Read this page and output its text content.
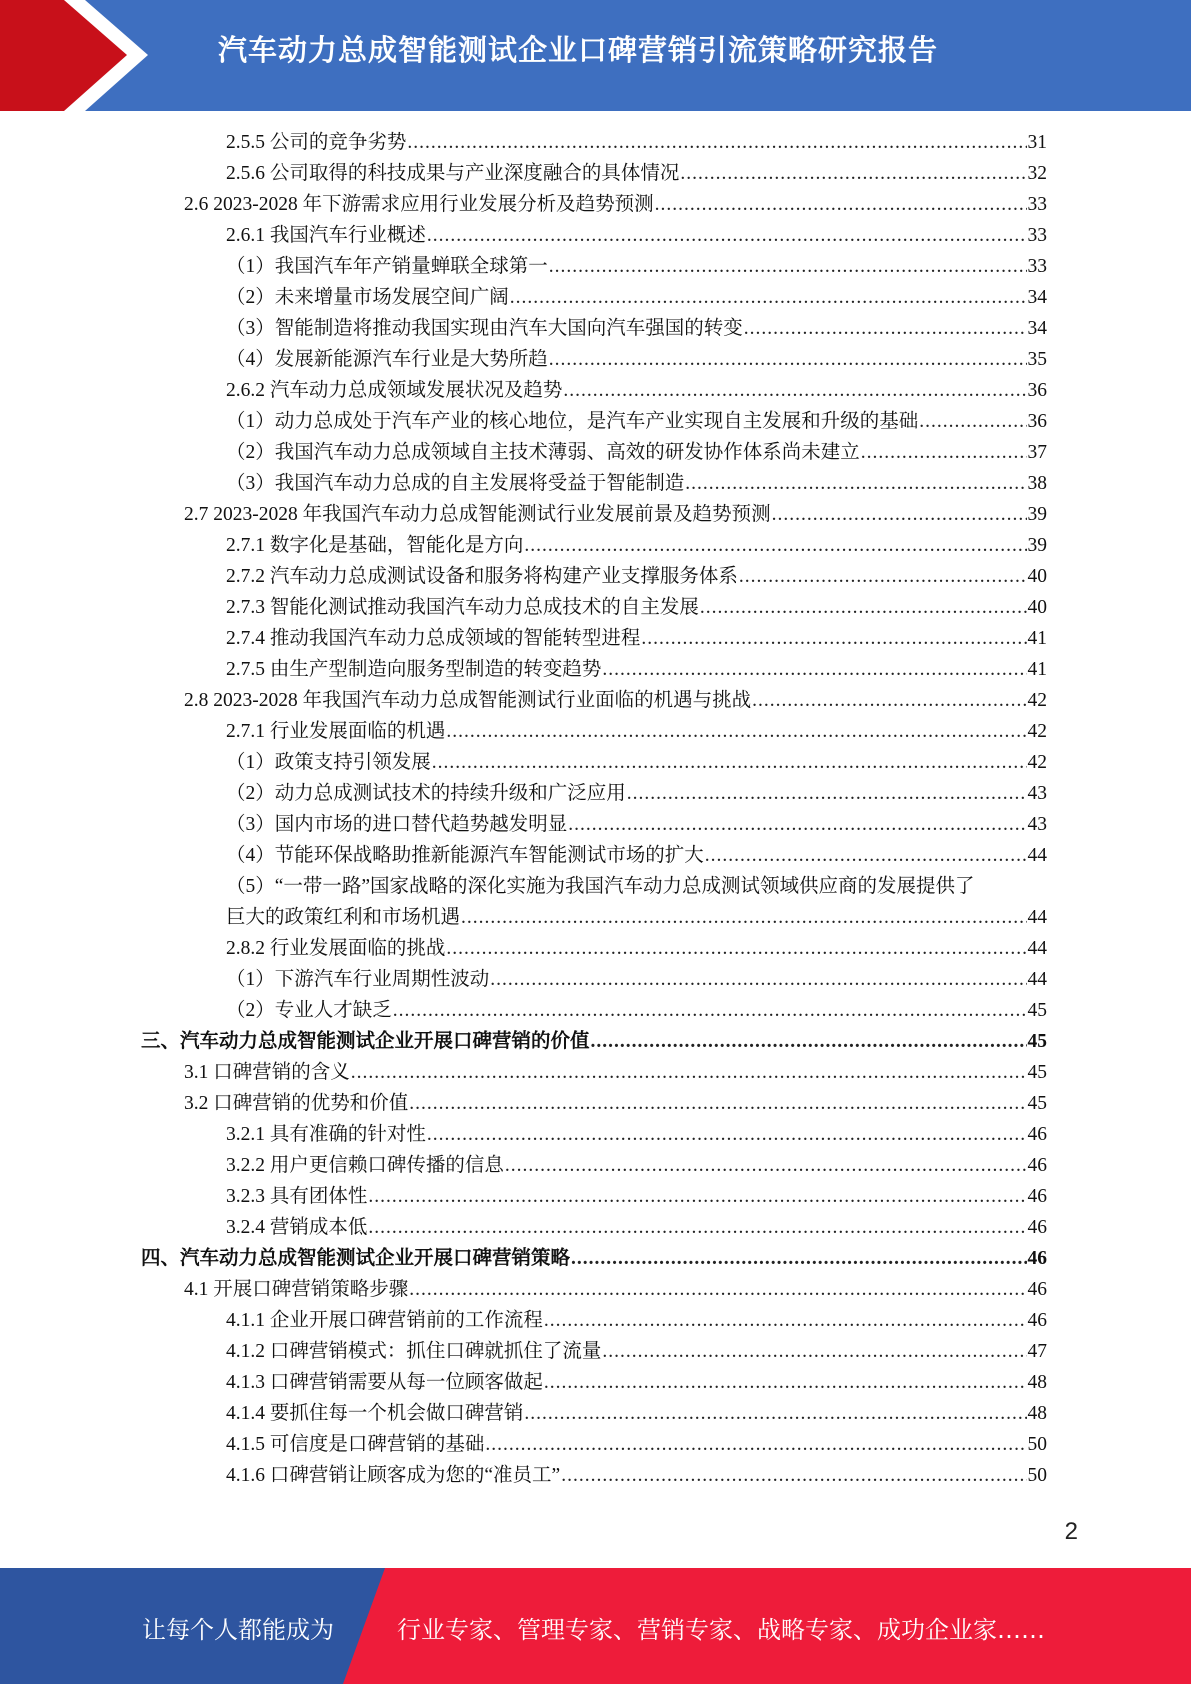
汽车动力总成智能测试企业口碑营销引流策略研究报告
2.5.5 公司的竞争劣势 .....	31
2.5.6 公司取得的科技成果与产业深度融合的具体情况 .....	32
2.6 2023-2028 年下游需求应用行业发展分析及趋势预测 .....	33
2.6.1 我国汽车行业概述 .....	33
（1）我国汽车年产销量蝉联全球第一 .....	33
（2）未来增量市场发展空间广阔 .....	34
（3）智能制造将推动我国实现由汽车大国向汽车强国的转变 .....	34
（4）发展新能源汽车行业是大势所趋 .....	35
2.6.2 汽车动力总成领域发展状况及趋势 .....	36
（1）动力总成处于汽车产业的核心地位，是汽车产业实现自主发展和升级的基础 .....	36
（2）我国汽车动力总成领域自主技术薄弱、高效的研发协作体系尚未建立 .....	37
（3）我国汽车动力总成的自主发展将受益于智能制造 .....	38
2.7 2023-2028 年我国汽车动力总成智能测试行业发展前景及趋势预测 .....	39
2.7.1 数字化是基础，智能化是方向 .....	39
2.7.2 汽车动力总成测试设备和服务将构建产业支撑服务体系 .....	40
2.7.3 智能化测试推动我国汽车动力总成技术的自主发展 .....	40
2.7.4 推动我国汽车动力总成领域的智能转型进程 .....	41
2.7.5 由生产型制造向服务型制造的转变趋势 .....	41
2.8 2023-2028 年我国汽车动力总成智能测试行业面临的机遇与挑战 .....	42
2.7.1 行业发展面临的机遇 .....	42
（1）政策支持引领发展 .....	42
（2）动力总成测试技术的持续升级和广泛应用 .....	43
（3）国内市场的进口替代趋势越发明显 .....	43
（4）节能环保战略助推新能源汽车智能测试市场的扩大 .....	44
（5）“一带一路”国家战略的深化实施为我国汽车动力总成测试领域供应商的发展提供了
巨大的政策红利和市场机遇 .....	44
2.8.2 行业发展面临的挑战 .....	44
（1）下游汽车行业周期性波动 .....	44
（2）专业人才缺乏 .....	45
三、汽车动力总成智能测试企业开展口碑营销的价值 .....	45
3.1 口碑营销的含义 .....	45
3.2 口碑营销的优势和价值 .....	45
3.2.1 具有准确的针对性 .....	46
3.2.2 用户更信赖口碑传播的信息 .....	46
3.2.3 具有团体性 .....	46
3.2.4 营销成本低 .....	46
四、汽车动力总成智能测试企业开展口碑营销策略 .....	46
4.1 开展口碑营销策略步骤 .....	46
4.1.1 企业开展口碑营销前的工作流程 .....	46
4.1.2 口碑营销模式：抓住口碑就抓住了流量 .....	47
4.1.3 口碑营销需要从每一位顾客做起 .....	48
4.1.4 要抓住每一个机会做口碑营销 .....	48
4.1.5 可信度是口碑营销的基础 .....	50
4.1.6 口碑营销让顾客成为您的“准员工” .....	50
2
让每个人都能成为	行业专家、管理专家、营销专家、战略专家、成功企业家……
